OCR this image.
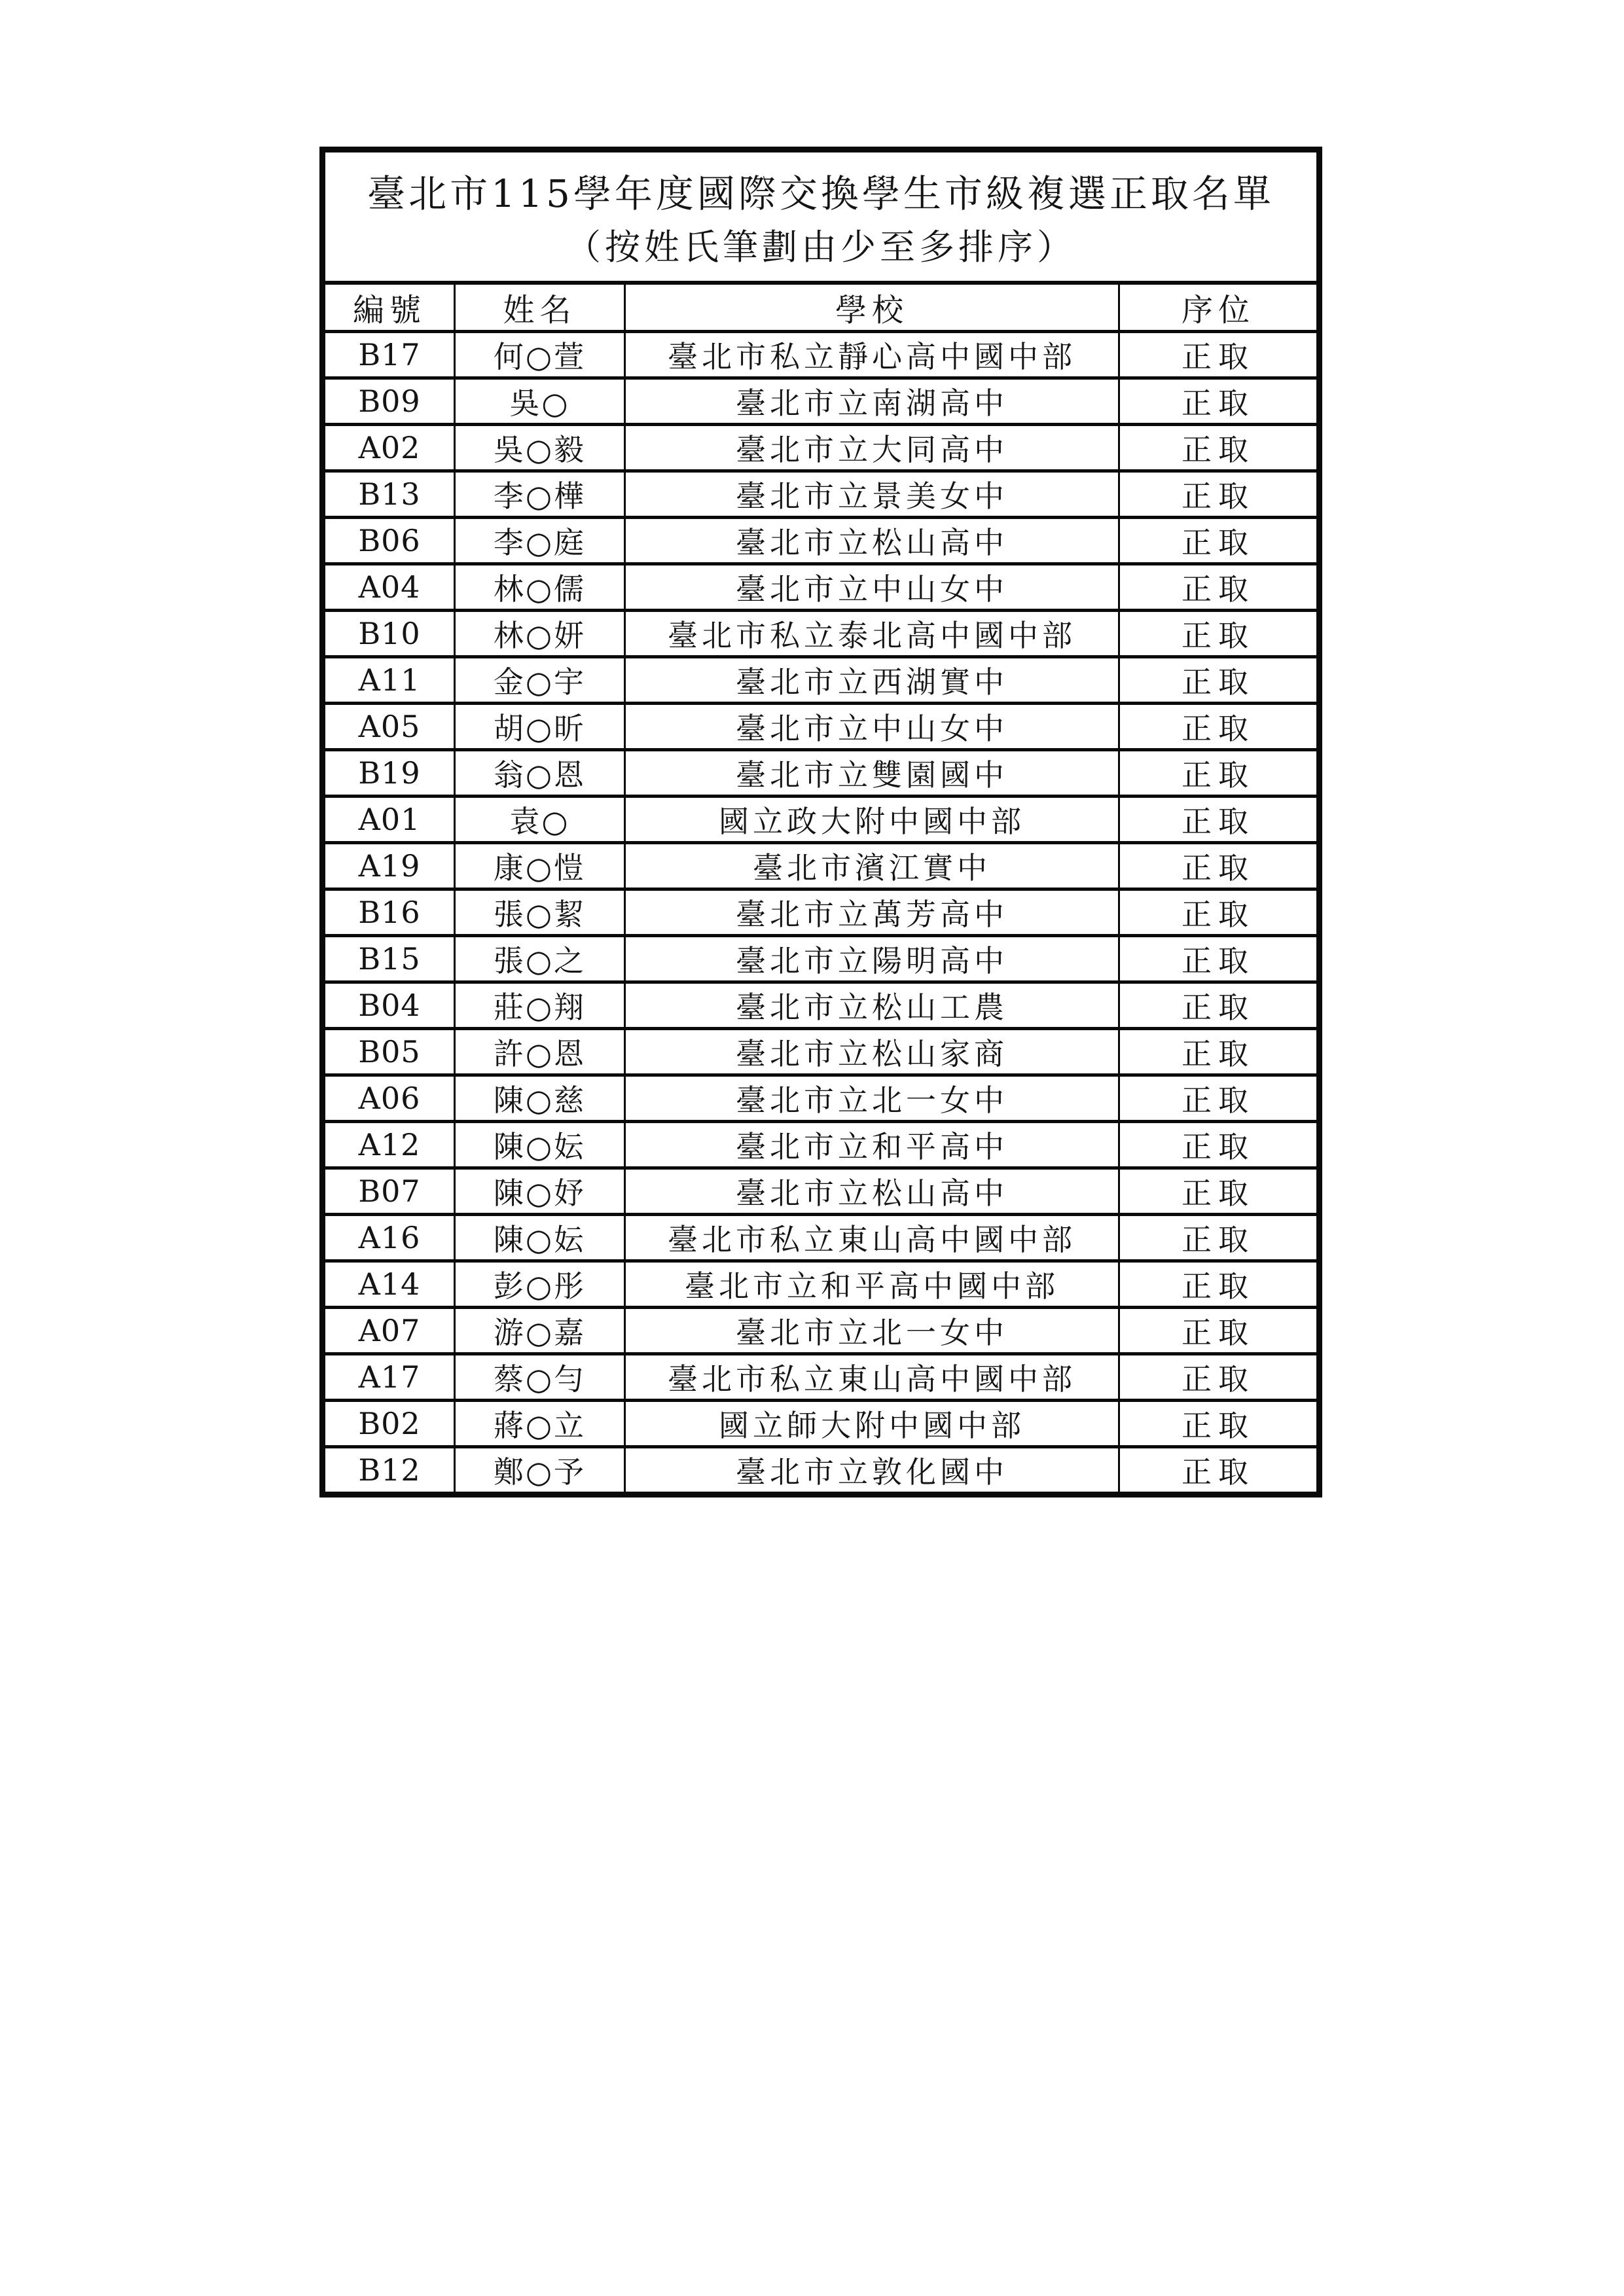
臺北市115學年度國際交換學生市級複選正取名單
（按姓氏筆劃由少至多排序）			

編號	姓名	學校	序位
B17	何○萱	臺北市私立靜心高中國中部	正取
B09	吳○	臺北市立南湖高中	正取
A02	吳○毅	臺北市立大同高中	正取
B13	李○樺	臺北市立景美女中	正取
B06	李○庭	臺北市立松山高中	正取
A04	林○儒	臺北市立中山女中	正取
B10	林○妍	臺北市私立泰北高中國中部	正取
A11	金○宇	臺北市立西湖實中	正取
A05	胡○昕	臺北市立中山女中	正取
B19	翁○恩	臺北市立雙園國中	正取
A01	袁○	國立政大附中國中部	正取
A19	康○愷	臺北市濱江實中	正取
B16	張○絜	臺北市立萬芳高中	正取
B15	張○之	臺北市立陽明高中	正取
B04	莊○翔	臺北市立松山工農	正取
B05	許○恩	臺北市立松山家商	正取
A06	陳○慈	臺北市立北一女中	正取
A12	陳○妘	臺北市立和平高中	正取
B07	陳○妤	臺北市立松山高中	正取
A16	陳○妘	臺北市私立東山高中國中部	正取
A14	彭○彤	臺北市立和平高中國中部	正取
A07	游○嘉	臺北市立北一女中	正取
A17	蔡○勻	臺北市私立東山高中國中部	正取
B02	蔣○立	國立師大附中國中部	正取
B12	鄭○予	臺北市立敦化國中	正取
